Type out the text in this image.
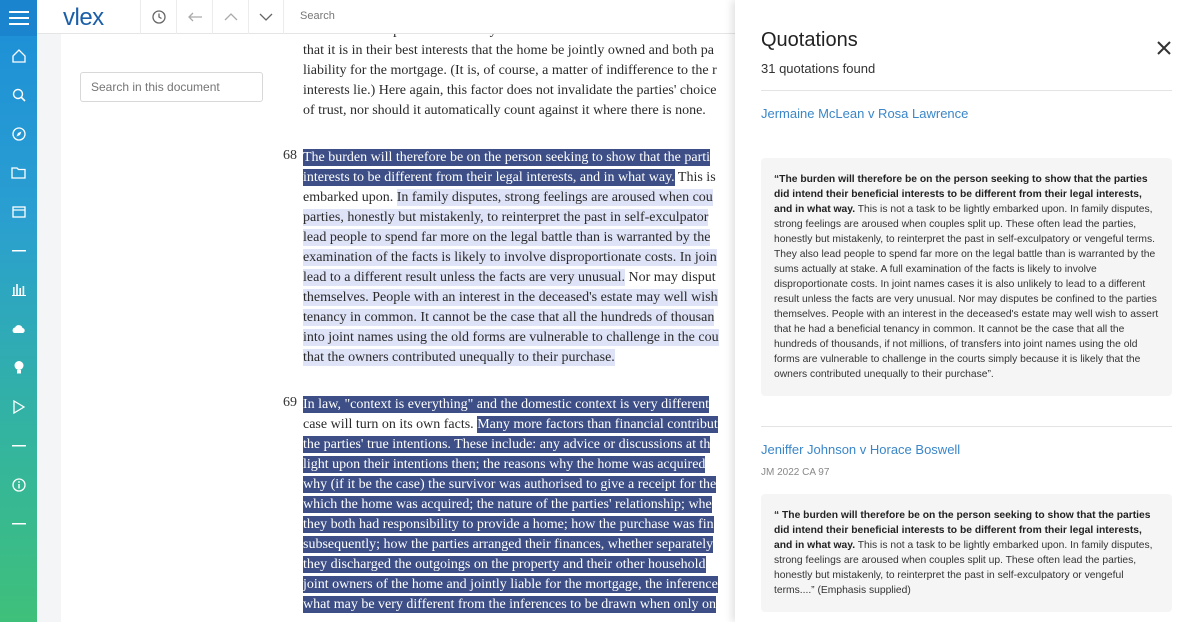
Search in this document
that it is in their best interests that the home be jointly owned and both pa
liability for the mortgage. (It is, of course, a matter of indifference to the r
interests lie.) Here again, this factor does not invalidate the parties' choice
of trust, nor should it automatically count against it where there is none.
68 The burden will therefore be on the person seeking to show that the parti
interests to be different from their legal interests, and in what way. This is
embarked upon. In family disputes, strong feelings are aroused when cou
parties, honestly but mistakenly, to reinterpret the past in self-exculpator
lead people to spend far more on the legal battle than is warranted by the
examination of the facts is likely to involve disproportionate costs. In join
lead to a different result unless the facts are very unusual. Nor may disput
themselves. People with an interest in the deceased's estate may well wish
tenancy in common. It cannot be the case that all the hundreds of thousan
into joint names using the old forms are vulnerable to challenge in the cou
that the owners contributed unequally to their purchase.
69 In law, "context is everything" and the domestic context is very different
case will turn on its own facts. Many more factors than financial contribut
the parties' true intentions. These include: any advice or discussions at th
light upon their intentions then; the reasons why the home was acquired
why (if it be the case) the survivor was authorised to give a receipt for the
which the home was acquired; the nature of the parties' relationship; whe
they both had responsibility to provide a home; how the purchase was fin
subsequently; how the parties arranged their finances, whether separately
they discharged the outgoings on the property and their other household
joint owners of the home and jointly liable for the mortgage, the inference
what may be very different from the inferences to be drawn when only on
vlex	Search
Quotations
31 quotations found
Jermaine McLean v Rosa Lawrence
“The burden will therefore be on the person seeking to show that the parties did intend their beneficial interests to be different from their legal interests, and in what way. This is not a task to be lightly embarked upon. In family disputes, strong feelings are aroused when couples split up. These often lead the parties, honestly but mistakenly, to reinterpret the past in self-exculpatory or vengeful terms. They also lead people to spend far more on the legal battle than is warranted by the sums actually at stake. A full examination of the facts is likely to involve disproportionate costs. In joint names cases it is also unlikely to lead to a different result unless the facts are very unusual. Nor may disputes be confined to the parties themselves. People with an interest in the deceased's estate may well wish to assert that he had a beneficial tenancy in common. It cannot be the case that all the hundreds of thousands, if not millions, of transfers into joint names using the old forms are vulnerable to challenge in the courts simply because it is likely that the owners contributed unequally to their purchase”.
Jeniffer Johnson v Horace Boswell
JM 2022 CA 97
“ The burden will therefore be on the person seeking to show that the parties did intend their beneficial interests to be different from their legal interests, and in what way. This is not a task to be lightly embarked upon. In family disputes, strong feelings are aroused when couples split up. These often lead the parties, honestly but mistakenly, to reinterpret the past in self-exculpatory or vengeful terms....” (Emphasis supplied)
